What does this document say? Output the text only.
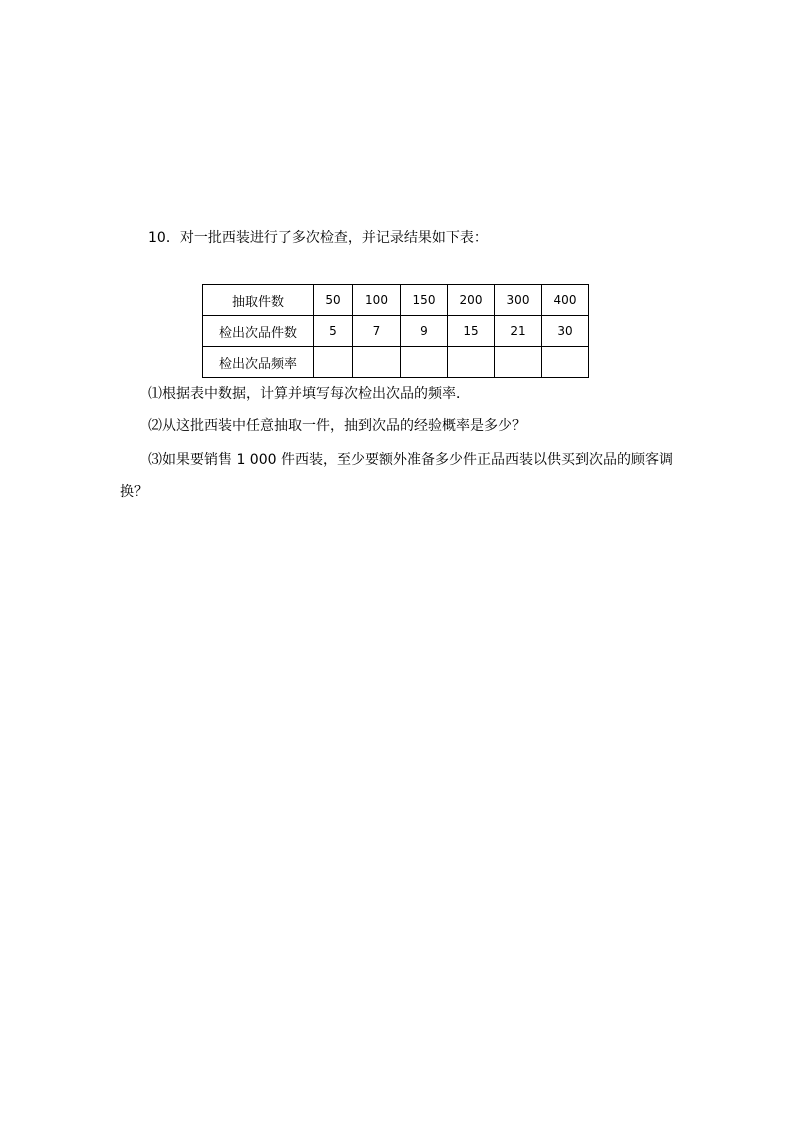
10．对一批西装进行了多次检查，并记录结果如下表：
抽取件数	50	100	150	200	300	400
检出次品件数	5	7	9	15	21	30
检出次品频率						
⑴根据表中数据，计算并填写每次检出次品的频率．
⑵从这批西装中任意抽取一件，抽到次品的经验概率是多少？
⑶如果要销售 1 000 件西装，至少要额外准备多少件正品西装以供买到次品的顾客调
换？
